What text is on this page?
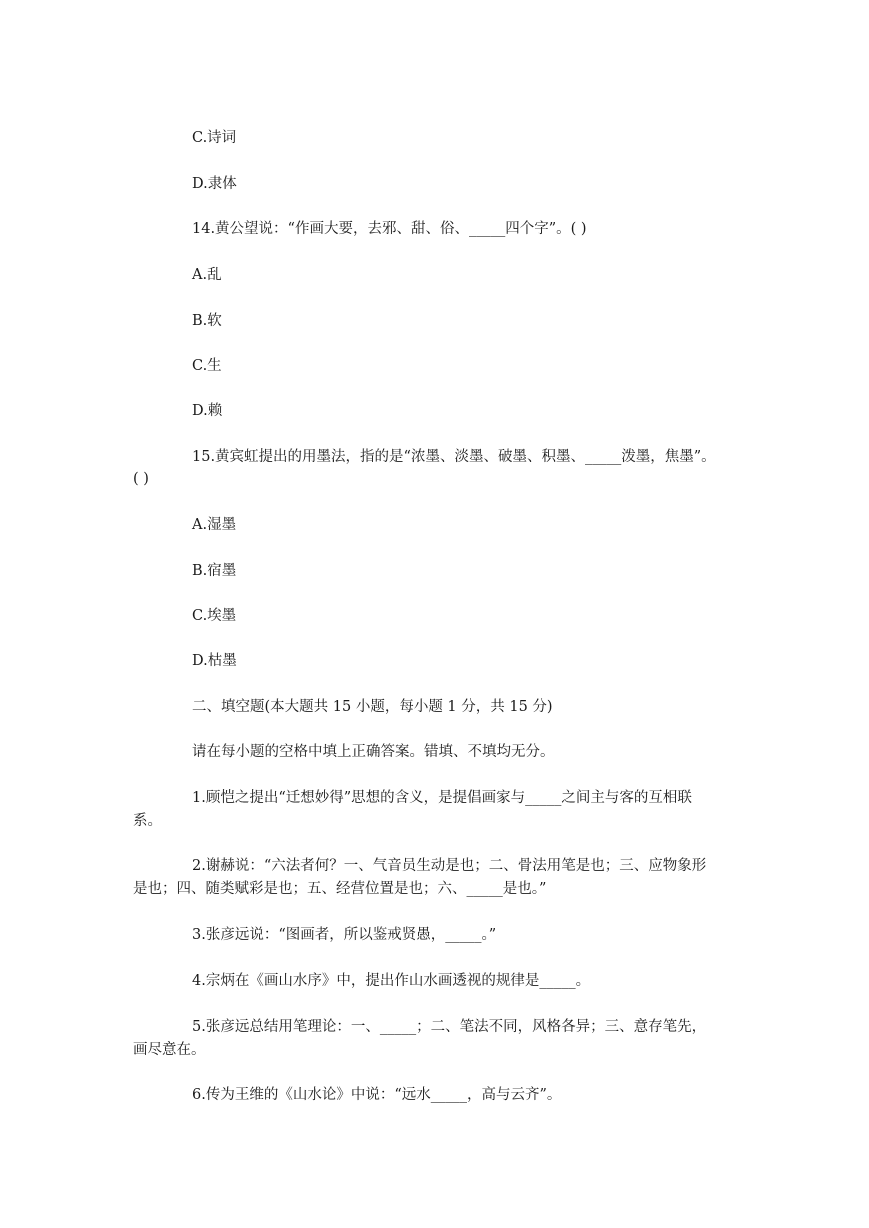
C.诗词
D.隶体
14.黄公望说：“作画大要，去邪、甜、俗、_____四个字”。( )
A.乱
B.软
C.生
D.赖
15.黄宾虹提出的用墨法，指的是“浓墨、淡墨、破墨、积墨、_____泼墨，焦墨”。
( )
A.湿墨
B.宿墨
C.埃墨
D.枯墨
二、填空题(本大题共 15 小题，每小题 1 分，共 15 分)
请在每小题的空格中填上正确答案。错填、不填均无分。
1.顾恺之提出“迁想妙得”思想的含义，是提倡画家与_____之间主与客的互相联
系。
2.谢赫说：“六法者何？一、气音员生动是也；二、骨法用笔是也；三、应物象形
是也；四、随类赋彩是也；五、经营位置是也；六、_____是也。”
3.张彦远说：“图画者，所以鉴戒贤愚，_____。”
4.宗炳在《画山水序》中，提出作山水画透视的规律是_____。
5.张彦远总结用笔理论：一、_____；二、笔法不同，风格各异；三、意存笔先，
画尽意在。
6.传为王维的《山水论》中说：“远水_____，高与云齐”。
